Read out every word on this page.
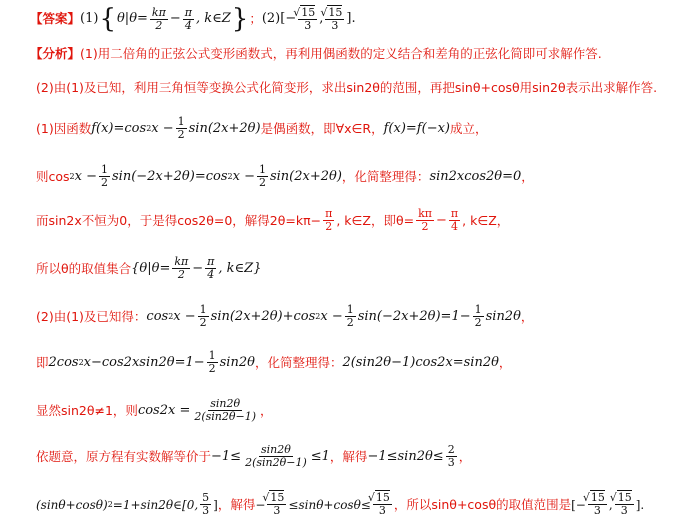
【答案】 (1) { $\theta|\theta= \frac{k\pi}{2} - \frac{\pi}{4}$ , k∈Z } ； (2) [− √ $\frac{15}{3}$ , √ $\frac{15}{3}$ ].
【分析】 (1)用二倍角的正弦公式变形函数式，再利用偶函数的定义结合和差角的正弦化简即可求解作答.
(2)由(1)及已知，利用三角恒等变换公式化简变形，求出sin2θ的范围，再把sinθ+cosθ用sin2θ表示出求解作答.
(1)因函数 f(x)=cos 2 $x - \frac{1}{2} \sin(2x+2\theta)$ 是偶函数，即∀x∈R， f(x)=f(−x) 成立，
则cos 2 $x - \frac{1}{2} \sin(-2x+2\theta)=\cos$ 2 $x - \frac{1}{2} \sin(2x+2\theta)$ ，化简整理得： sin2xcos2θ=0 ，
而sin2x不恒为0，于是得cos2θ=0，解得$2\theta=k\pi- \frac{\pi}{2}$ , k∈Z，即$\theta= \frac{k\pi}{2} - \frac{\pi}{4}$ , k∈Z，
所以θ的取值集合 {$\theta|\theta= \frac{k\pi}{2} - \frac{\pi}{4}$ , k∈Z}
(2)由(1)及已知得： cos 2 $x - \frac{1}{2} \sin(2x+2\theta)+\cos$ 2 $x - \frac{1}{2} \sin(-2x+2\theta)=1- \frac{1}{2} \sin 2\theta$ ，
即 2cos 2 $x-\cos 2xsin2\theta=1- \frac{1}{2} \sin 2\theta$ ，化简整理得： 2(sin2θ−1)cos2x=sin2θ ，
显然sin2θ≠1，则 $\cos 2x = \frac{\sin 2\theta}{2(\sin 2\theta-1)}$ ，
依题意，原方程有实数解等价于 $-1\le \frac{\sin 2\theta}{2(\sin 2\theta-1)} \le 1$ ，解得 $-1\le\sin 2\theta\le \frac{2}{3}$ ，
(sinθ+cosθ) 2 =1+sin2θ∈[0, $\frac{5}{3}$ ] ，解得 − √ $\frac{15}{3} \le\sin\theta+\cos\theta\le$ √ $\frac{15}{3}$ ，所以sinθ+cosθ的取值范围是 [− √ $\frac{15}{3}$ , √ $\frac{15}{3}$ ].
